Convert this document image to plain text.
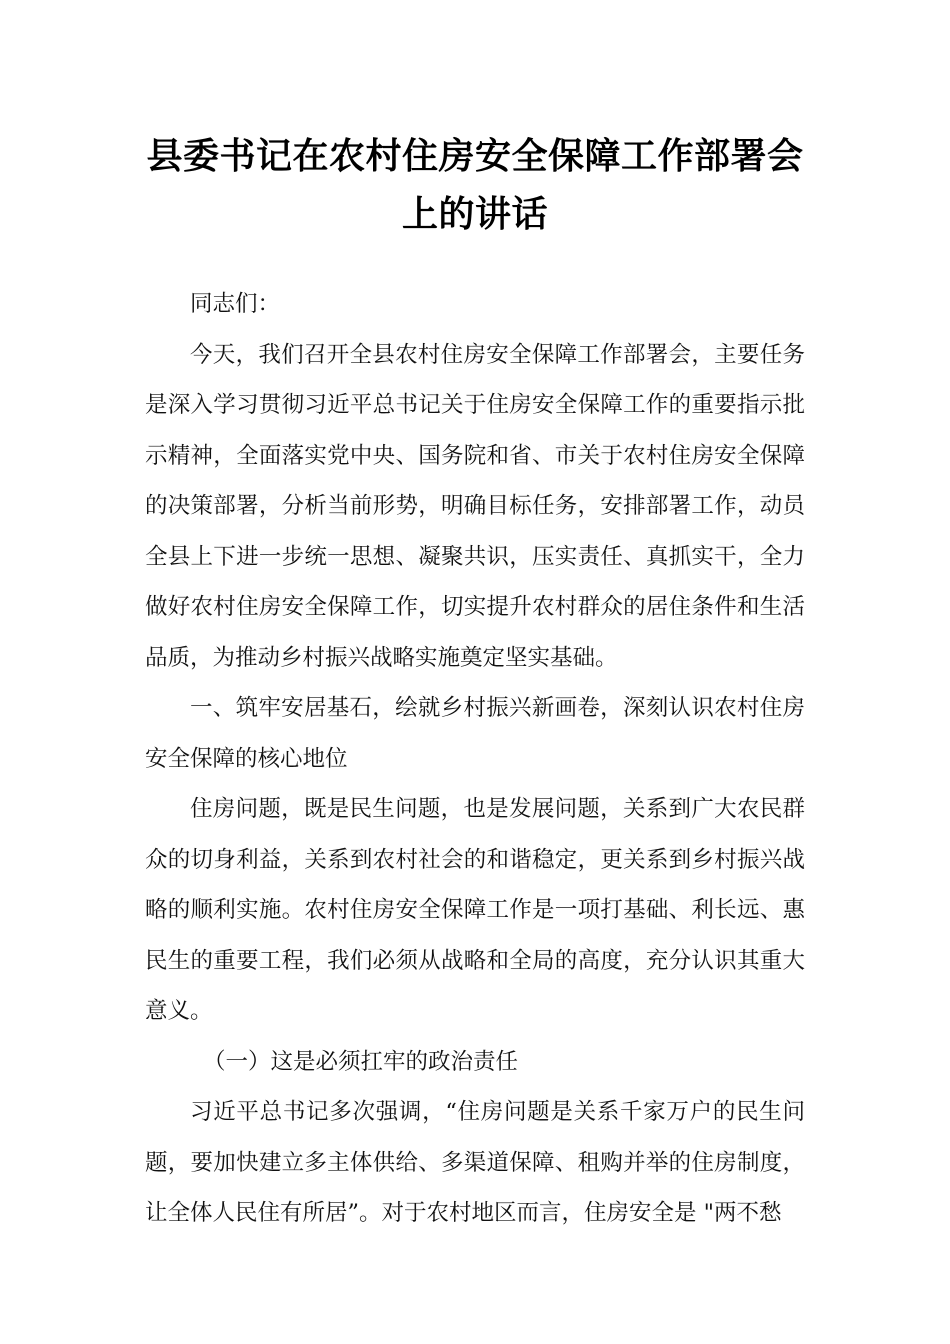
县委书记在农村住房安全保障工作部署会
上的讲话

同志们：

今天，我们召开全县农村住房安全保障工作部署会，主要任务是深入学习贯彻习近平总书记关于住房安全保障工作的重要指示批示精神，全面落实党中央、国务院和省、市关于农村住房安全保障的决策部署，分析当前形势，明确目标任务，安排部署工作，动员全县上下进一步统一思想、凝聚共识，压实责任、真抓实干，全力做好农村住房安全保障工作，切实提升农村群众的居住条件和生活品质，为推动乡村振兴战略实施奠定坚实基础。

一、筑牢安居基石，绘就乡村振兴新画卷，深刻认识农村住房安全保障的核心地位

住房问题，既是民生问题，也是发展问题，关系到广大农民群众的切身利益，关系到农村社会的和谐稳定，更关系到乡村振兴战略的顺利实施。农村住房安全保障工作是一项打基础、利长远、惠民生的重要工程，我们必须从战略和全局的高度，充分认识其重大意义。

（一）这是必须扛牢的政治责任

习近平总书记多次强调，“住房问题是关系千家万户的民生问题，要加快建立多主体供给、多渠道保障、租购并举的住房制度，让全体人民住有所居”。对于农村地区而言，住房安全是 "两不愁
